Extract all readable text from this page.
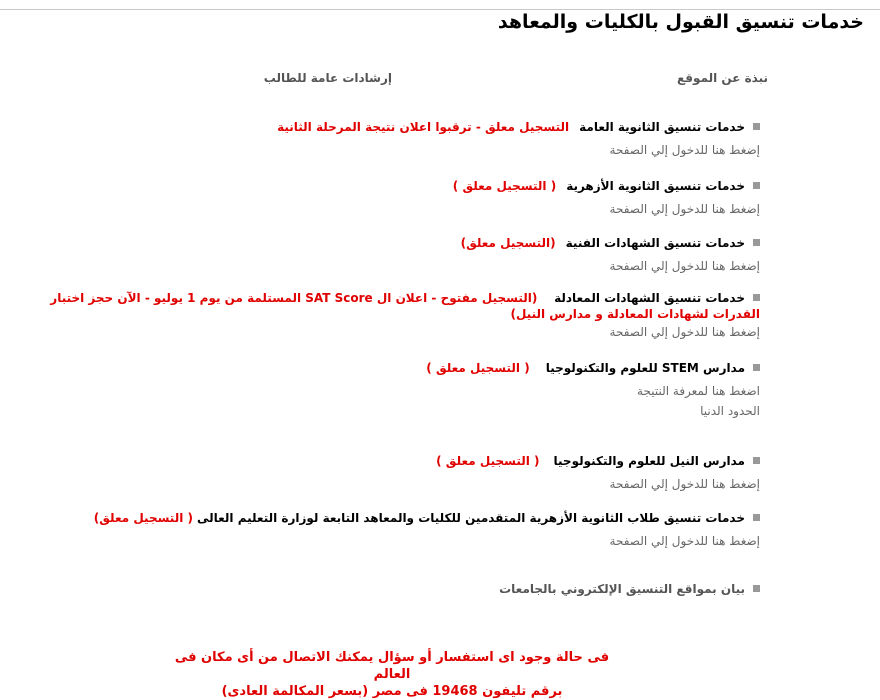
خدمات تنسيق القبول بالكليات والمعاهد
نبذة عن الموقع
إرشادات عامة للطالب
خدمات تنسيق الثانوية العامة
التسجيل معلق - ترقبوا اعلان نتيجة المرحلة الثانية
إضغط هنا للدخول إلي الصفحة
خدمات تنسيق الثانوية الأزهرية
( التسجيل معلق )
إضغط هنا للدخول إلي الصفحة
خدمات تنسيق الشهادات الفنية
(التسجيل معلق)
إضغط هنا للدخول إلي الصفحة
خدمات تنسيق الشهادات المعادلة    (التسجيل مفتوح - اعلان ال SAT Score المستلمة من يوم 1 يوليو - الآن حجز اختبار القدرات لشهادات المعادلة و مدارس النيل)
إضغط هنا للدخول إلي الصفحة
مدارس STEM للعلوم والتكنولوجيا
( التسجيل معلق )
اضغط هنا لمعرفة النتيجة
الحدود الدنيا
مدارس النيل للعلوم والتكنولوجيا
( التسجيل معلق )
إضغط هنا للدخول إلي الصفحة
خدمات تنسيق طلاب الثانوية الأزهرية المتقدمين للكليات والمعاهد التابعة لوزارة التعليم العالى
( التسجيل معلق)
إضغط هنا للدخول إلي الصفحة
بيان بمواقع التنسيق الإلكتروني بالجامعات
فى حالة وجود اى استفسار أو سؤال يمكنك الاتصال من أى مكان فى العالم
برقم تليفون 19468 فى مصر (بسعر المكالمة العادى)
